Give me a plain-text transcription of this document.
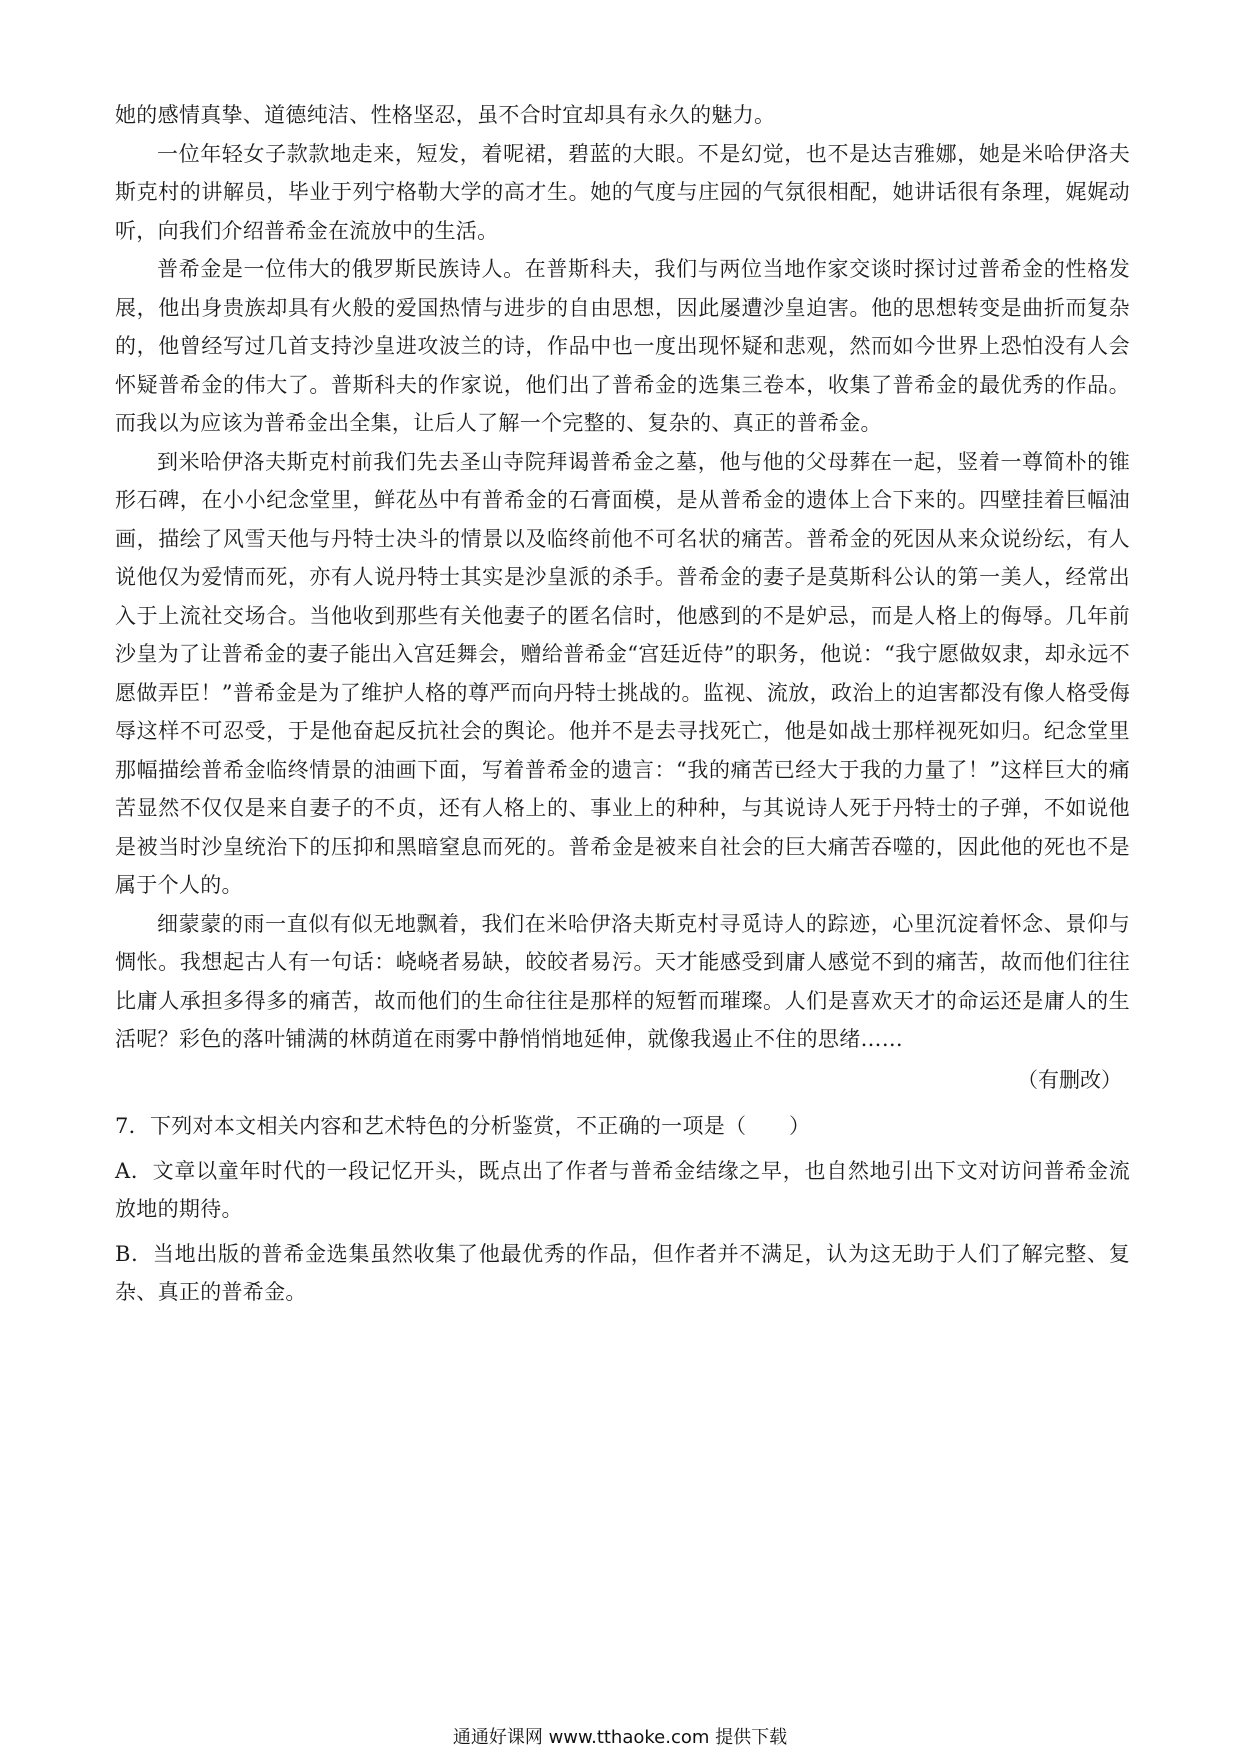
她的感情真挚、道德纯洁、性格坚忍，虽不合时宜却具有永久的魅力。

一位年轻女子款款地走来，短发，着呢裙，碧蓝的大眼。不是幻觉，也不是达吉雅娜，她是米哈伊洛夫斯克村的讲解员，毕业于列宁格勒大学的高才生。她的气度与庄园的气氛很相配，她讲话很有条理，娓娓动听，向我们介绍普希金在流放中的生活。

普希金是一位伟大的俄罗斯民族诗人。在普斯科夫，我们与两位当地作家交谈时探讨过普希金的性格发展，他出身贵族却具有火般的爱国热情与进步的自由思想，因此屡遭沙皇迫害。他的思想转变是曲折而复杂的，他曾经写过几首支持沙皇进攻波兰的诗，作品中也一度出现怀疑和悲观，然而如今世界上恐怕没有人会怀疑普希金的伟大了。普斯科夫的作家说，他们出了普希金的选集三卷本，收集了普希金的最优秀的作品。而我以为应该为普希金出全集，让后人了解一个完整的、复杂的、真正的普希金。

到米哈伊洛夫斯克村前我们先去圣山寺院拜谒普希金之墓，他与他的父母葬在一起，竖着一尊简朴的锥形石碑，在小小纪念堂里，鲜花丛中有普希金的石膏面模，是从普希金的遗体上合下来的。四壁挂着巨幅油画，描绘了风雪天他与丹特士决斗的情景以及临终前他不可名状的痛苦。普希金的死因从来众说纷纭，有人说他仅为爱情而死，亦有人说丹特士其实是沙皇派的杀手。普希金的妻子是莫斯科公认的第一美人，经常出入于上流社交场合。当他收到那些有关他妻子的匿名信时，他感到的不是妒忌，而是人格上的侮辱。几年前沙皇为了让普希金的妻子能出入宫廷舞会，赠给普希金“宫廷近侍”的职务，他说：“我宁愿做奴隶，却永远不愿做弄臣！”普希金是为了维护人格的尊严而向丹特士挑战的。监视、流放，政治上的迫害都没有像人格受侮辱这样不可忍受，于是他奋起反抗社会的舆论。他并不是去寻找死亡，他是如战士那样视死如归。纪念堂里那幅描绘普希金临终情景的油画下面，写着普希金的遗言：“我的痛苦已经大于我的力量了！”这样巨大的痛苦显然不仅仅是来自妻子的不贞，还有人格上的、事业上的种种，与其说诗人死于丹特士的子弹，不如说他是被当时沙皇统治下的压抑和黑暗窒息而死的。普希金是被来自社会的巨大痛苦吞噬的，因此他的死也不是属于个人的。

细蒙蒙的雨一直似有似无地飘着，我们在米哈伊洛夫斯克村寻觅诗人的踪迹，心里沉淀着怀念、景仰与惆怅。我想起古人有一句话：峣峣者易缺，皎皎者易污。天才能感受到庸人感觉不到的痛苦，故而他们往往比庸人承担多得多的痛苦，故而他们的生命往往是那样的短暂而璀璨。人们是喜欢天才的命运还是庸人的生活呢？彩色的落叶铺满的林荫道在雨雾中静悄悄地延伸，就像我遏止不住的思绪……

（有删改）

7．下列对本文相关内容和艺术特色的分析鉴赏，不正确的一项是（　　）

A．文章以童年时代的一段记忆开头，既点出了作者与普希金结缘之早，也自然地引出下文对访问普希金流放地的期待。

B．当地出版的普希金选集虽然收集了他最优秀的作品，但作者并不满足，认为这无助于人们了解完整、复杂、真正的普希金。

通通好课网 www.tthaoke.com 提供下载
